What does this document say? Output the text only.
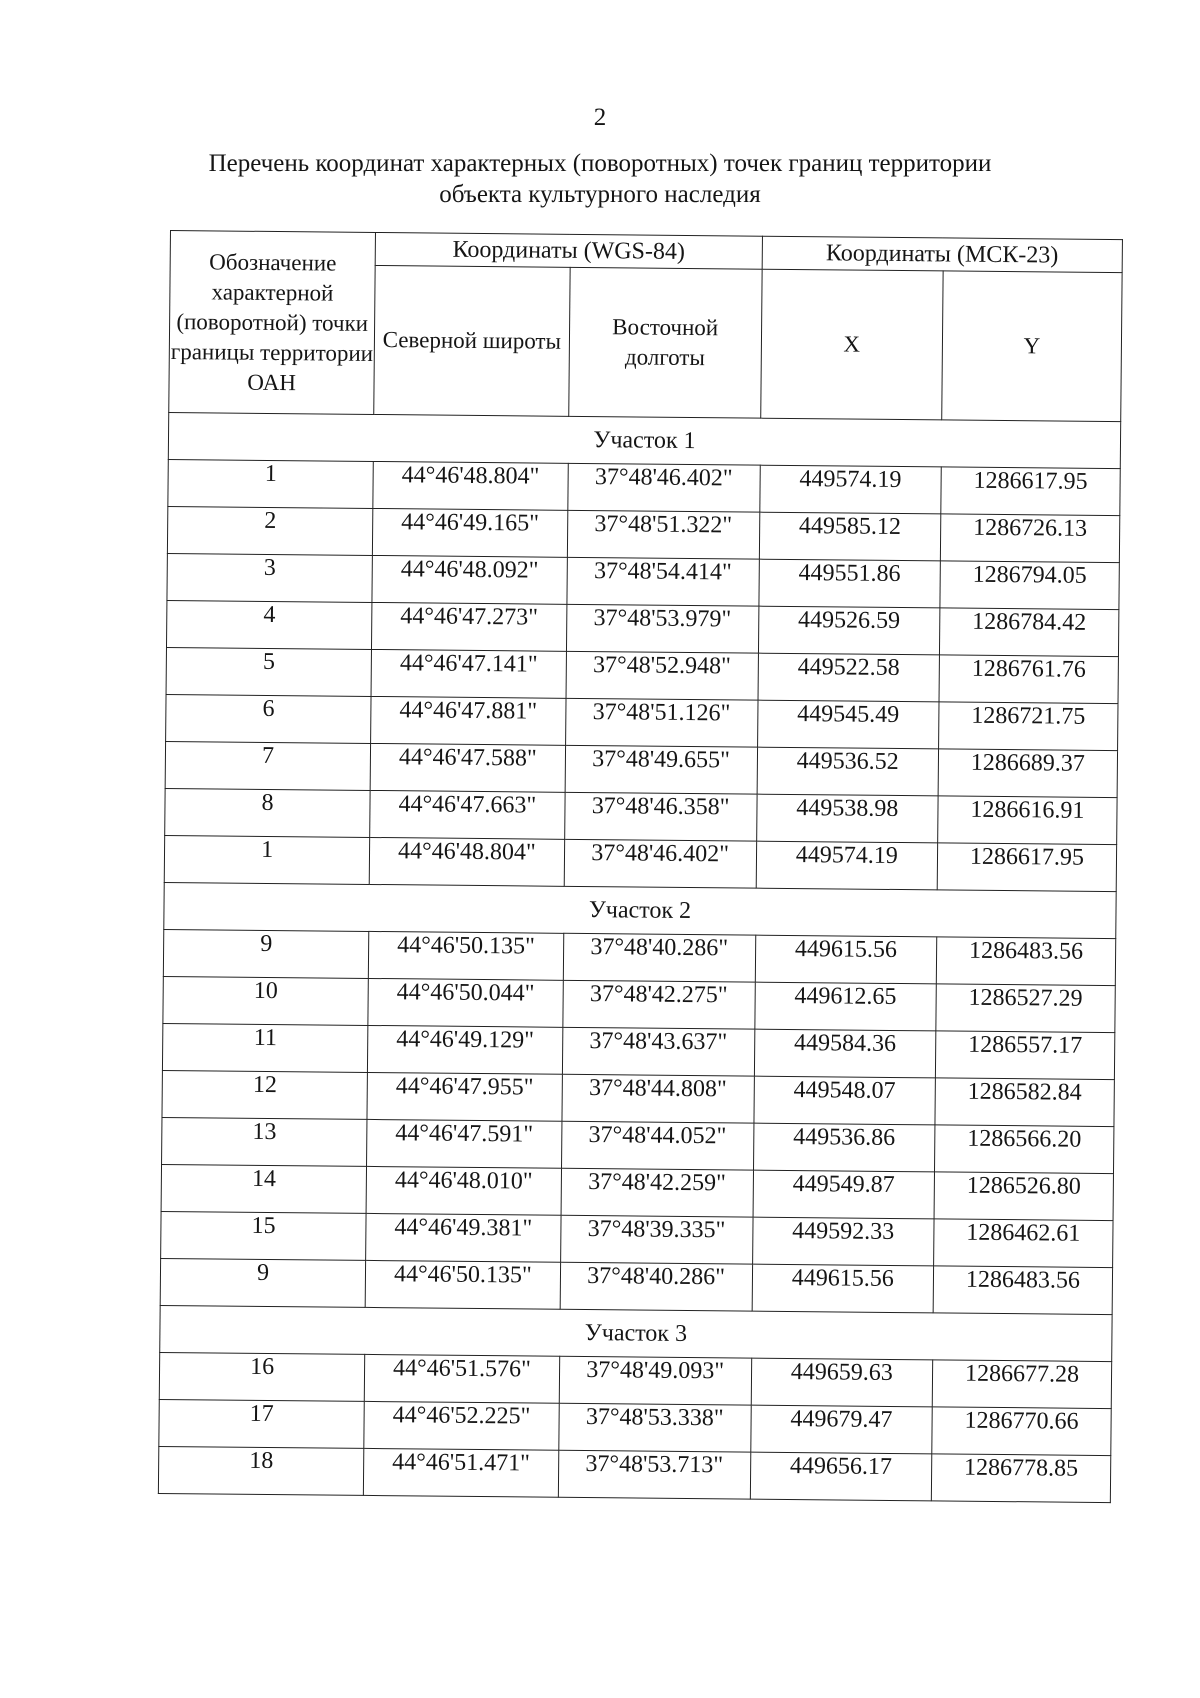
2
Перечень координат характерных (поворотных) точек границ территории
объекта культурного наследия
Обозначение характерной (поворотной) точки границы территории ОАН	Координаты (WGS-84)		Координаты (МСК-23)	
	Северной широты	Восточной долготы	X	Y
Участок 1				
1	44°46'48.804"	37°48'46.402"	449574.19	1286617.95
2	44°46'49.165"	37°48'51.322"	449585.12	1286726.13
3	44°46'48.092"	37°48'54.414"	449551.86	1286794.05
4	44°46'47.273"	37°48'53.979"	449526.59	1286784.42
5	44°46'47.141"	37°48'52.948"	449522.58	1286761.76
6	44°46'47.881"	37°48'51.126"	449545.49	1286721.75
7	44°46'47.588"	37°48'49.655"	449536.52	1286689.37
8	44°46'47.663"	37°48'46.358"	449538.98	1286616.91
1	44°46'48.804"	37°48'46.402"	449574.19	1286617.95
Участок 2				
9	44°46'50.135"	37°48'40.286"	449615.56	1286483.56
10	44°46'50.044"	37°48'42.275"	449612.65	1286527.29
11	44°46'49.129"	37°48'43.637"	449584.36	1286557.17
12	44°46'47.955"	37°48'44.808"	449548.07	1286582.84
13	44°46'47.591"	37°48'44.052"	449536.86	1286566.20
14	44°46'48.010"	37°48'42.259"	449549.87	1286526.80
15	44°46'49.381"	37°48'39.335"	449592.33	1286462.61
9	44°46'50.135"	37°48'40.286"	449615.56	1286483.56
Участок 3				
16	44°46'51.576"	37°48'49.093"	449659.63	1286677.28
17	44°46'52.225"	37°48'53.338"	449679.47	1286770.66
18	44°46'51.471"	37°48'53.713"	449656.17	1286778.85
